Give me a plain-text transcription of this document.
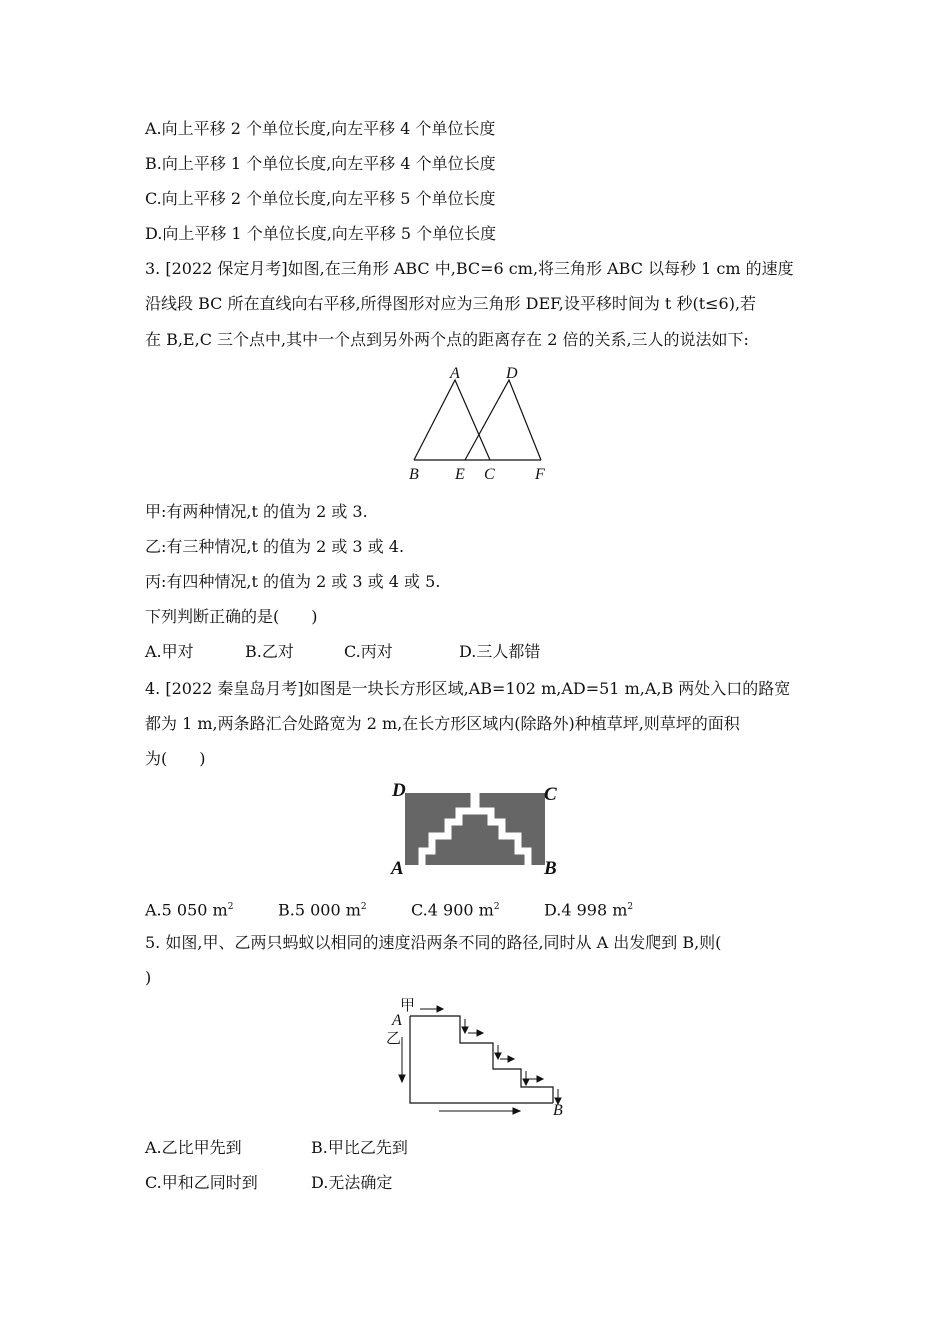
A.向上平移 2 个单位长度,向左平移 4 个单位长度
B.向上平移 1 个单位长度,向左平移 4 个单位长度
C.向上平移 2 个单位长度,向左平移 5 个单位长度
D.向上平移 1 个单位长度,向左平移 5 个单位长度
3. [2022 保定月考]如图,在三角形 ABC 中,BC=6 cm,将三角形 ABC 以每秒 1 cm 的速度
沿线段 BC 所在直线向右平移,所得图形对应为三角形 DEF,设平移时间为 t 秒(t≤6),若
在 B,E,C 三个点中,其中一个点到另外两个点的距离存在 2 倍的关系,三人的说法如下:
A	D
B E C	F
甲:有两种情况,t 的值为 2 或 3.
乙:有三种情况,t 的值为 2 或 3 或 4.
丙:有四种情况,t 的值为 2 或 3 或 4 或 5.
下列判断正确的是(　　)
A.甲对	B.乙对	C.丙对	D.三人都错
4. [2022 秦皇岛月考]如图是一块长方形区域,AB=102 m,AD=51 m,A,B 两处入口的路宽
都为 1 m,两条路汇合处路宽为 2 m,在长方形区域内(除路外)种植草坪,则草坪的面积
为(　　)
D	C
A	B
A.5 050 $m^2$	B.5 000 $m^2$	C.4 900 $m^2$	D.4 998 $m^2$
5. 如图,甲、乙两只蚂蚁以相同的速度沿两条不同的路径,同时从 A 出发爬到 B,则(
)
A
B
甲
乙
A.乙比甲先到	B.甲比乙先到
C.甲和乙同时到	D.无法确定
